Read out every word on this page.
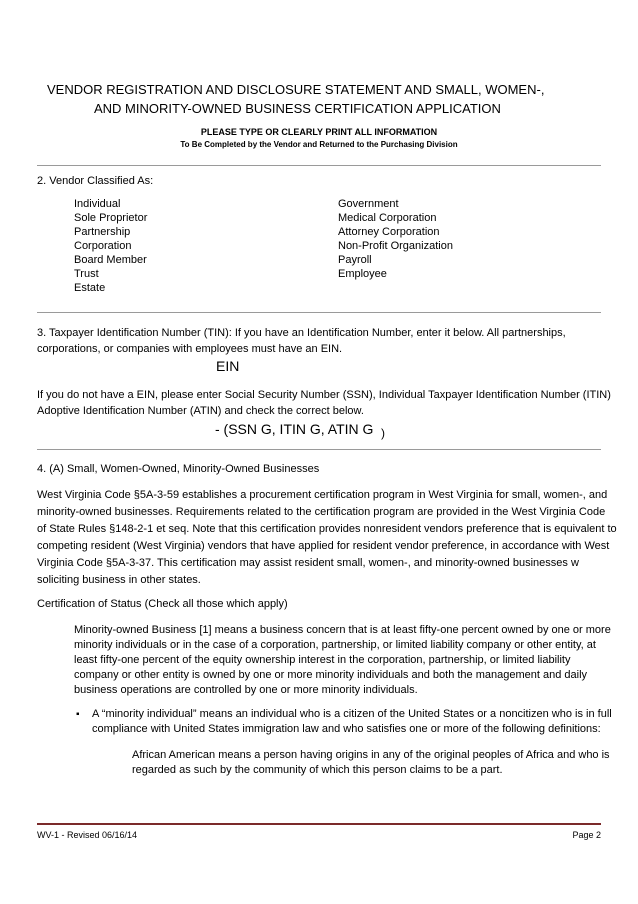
VENDOR REGISTRATION AND DISCLOSURE STATEMENT AND SMALL, WOMEN-,
AND MINORITY-OWNED BUSINESS CERTIFICATION APPLICATION
PLEASE TYPE OR CLEARLY PRINT ALL INFORMATION
To Be Completed by the Vendor and Returned to the Purchasing Division
2. Vendor Classified As:
Individual
Sole Proprietor
Partnership
Corporation
Board Member
Trust
Estate
Government
Medical Corporation
Attorney Corporation
Non-Profit Organization
Payroll
Employee
3. Taxpayer Identification Number (TIN): If you have an Identification Number, enter it below. All partnerships,
corporations, or companies with employees must have an EIN.
EIN
If you do not have a EIN, please enter Social Security Number (SSN), Individual Taxpayer Identification Number (ITIN)
Adoptive Identification Number (ATIN) and check the correct below.
- (SSN G, ITIN G, ATIN G )
4. (A) Small, Women-Owned, Minority-Owned Businesses
West Virginia Code §5A-3-59 establishes a procurement certification program in West Virginia for small, women-, and
minority-owned businesses. Requirements related to the certification program are provided in the West Virginia Code
of State Rules §148-2-1 et seq. Note that this certification provides nonresident vendors preference that is equivalent to
competing resident (West Virginia) vendors that have applied for resident vendor preference, in accordance with West
Virginia Code §5A-3-37. This certification may assist resident small, women-, and minority-owned businesses w
soliciting business in other states.
Certification of Status (Check all those which apply)
Minority-owned Business [1] means a business concern that is at least fifty-one percent owned by one or more
minority individuals or in the case of a corporation, partnership, or limited liability company or other entity, at
least fifty-one percent of the equity ownership interest in the corporation, partnership, or limited liability
company or other entity is owned by one or more minority individuals and both the management and daily
business operations are controlled by one or more minority individuals.
▪ A “minority individual” means an individual who is a citizen of the United States or a noncitizen who is in full
compliance with United States immigration law and who satisfies one or more of the following definitions:
African American means a person having origins in any of the original peoples of Africa and who is
regarded as such by the community of which this person claims to be a part.
WV-1 - Revised 06/16/14	Page 2
